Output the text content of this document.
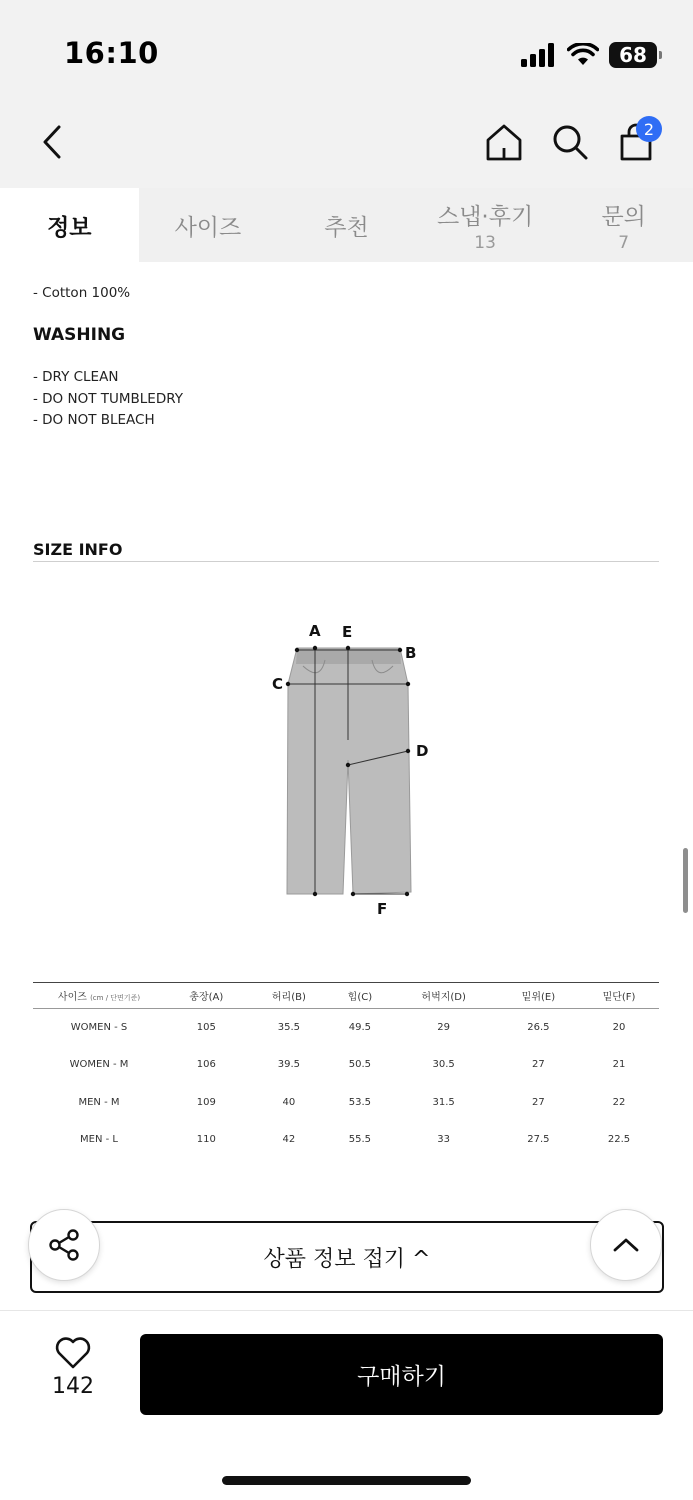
16:10	68
2
정보	사이즈	추천	스냅·후기
13
문의
7
- Cotton 100%
WASHING
- DRY CLEAN
- DO NOT TUMBLEDRY
- DO NOT BLEACH
SIZE INFO
A
B
C
D
E
F
사이즈 (cm / 단면기준)	총장(A)	허리(B)	힙(C)	허벅지(D)	밑위(E)	밑단(F)
WOMEN - S	105	35.5	49.5	29	26.5	20
WOMEN - M	106	39.5	50.5	30.5	27	21
MEN - M	109	40	53.5	31.5	27	22
MEN - L	110	42	55.5	33	27.5	22.5
상품 정보 접기 ^
142	구매하기
